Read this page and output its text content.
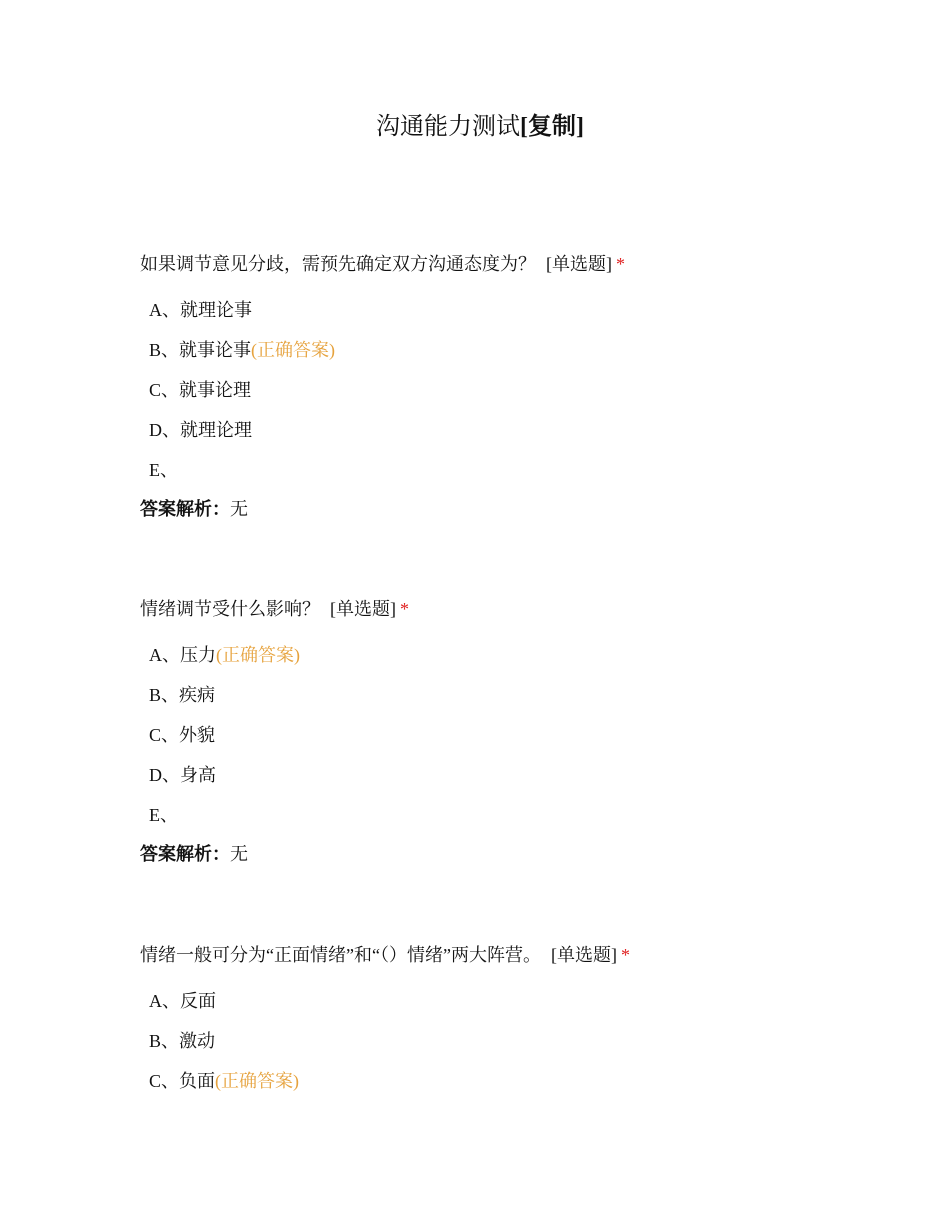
沟通能力测试[复制]
如果调节意见分歧，需预先确定双方沟通态度为？ [单选题] *
A、就理论事
B、就事论事(正确答案)
C、就事论理
D、就理论理
E、
答案解析：无
情绪调节受什么影响？ [单选题] *
A、压力(正确答案)
B、疾病
C、外貌
D、身高
E、
答案解析：无
情绪一般可分为“正面情绪”和“（）情绪”两大阵营。 [单选题] *
A、反面
B、激动
C、负面(正确答案)
